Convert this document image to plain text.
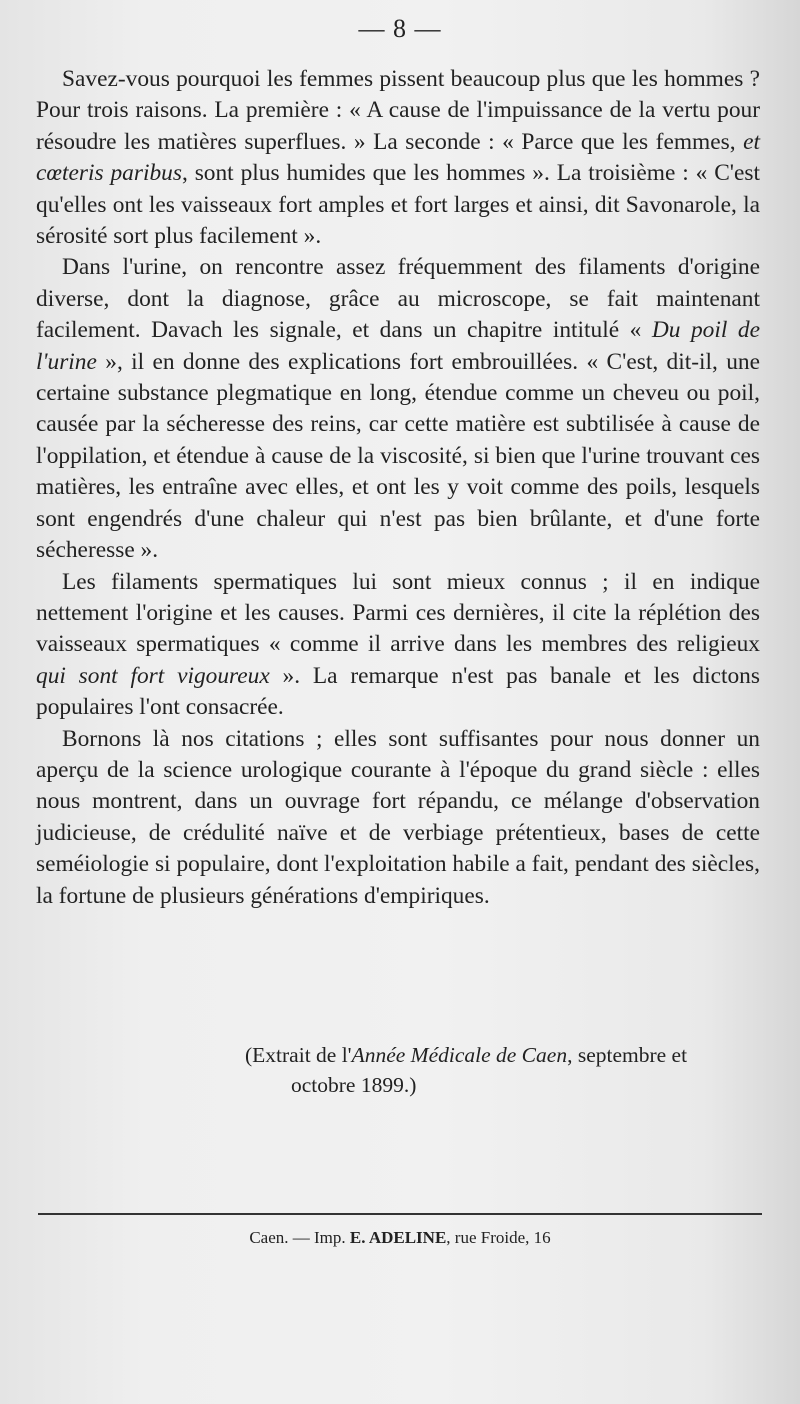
— 8 —

Savez-vous pourquoi les femmes pissent beaucoup plus que les hommes ? Pour trois raisons. La première : « A cause de l'impuissance de la vertu pour résoudre les matières superflues. » La seconde : « Parce que les femmes, et cœteris paribus, sont plus humides que les hommes ». La troisième : « C'est qu'elles ont les vaisseaux fort amples et fort larges et ainsi, dit Savonarole, la sérosité sort plus facilement ».

Dans l'urine, on rencontre assez fréquemment des filaments d'origine diverse, dont la diagnose, grâce au microscope, se fait maintenant facilement. Davach les signale, et dans un chapitre intitulé « Du poil de l'urine », il en donne des explications fort embrouillées. « C'est, dit-il, une certaine substance plegmatique en long, étendue comme un cheveu ou poil, causée par la sécheresse des reins, car cette matière est subtilisée à cause de l'oppilation, et étendue à cause de la viscosité, si bien que l'urine trouvant ces matières, les entraîne avec elles, et ont les y voit comme des poils, lesquels sont engendrés d'une chaleur qui n'est pas bien brûlante, et d'une forte sécheresse ».

Les filaments spermatiques lui sont mieux connus ; il en indique nettement l'origine et les causes. Parmi ces dernières, il cite la réplétion des vaisseaux spermatiques « comme il arrive dans les membres des religieux qui sont fort vigoureux ». La remarque n'est pas banale et les dictons populaires l'ont consacrée.

Bornons là nos citations ; elles sont suffisantes pour nous donner un aperçu de la science urologique courante à l'époque du grand siècle : elles nous montrent, dans un ouvrage fort répandu, ce mélange d'observation judicieuse, de crédulité naïve et de verbiage prétentieux, bases de cette seméiologie si populaire, dont l'exploitation habile a fait, pendant des siècles, la fortune de plusieurs générations d'empiriques.

(Extrait de l'Année Médicale de Caen, septembre et
octobre 1899.)
Caen. — Imp. E. ADELINE, rue Froide, 16
